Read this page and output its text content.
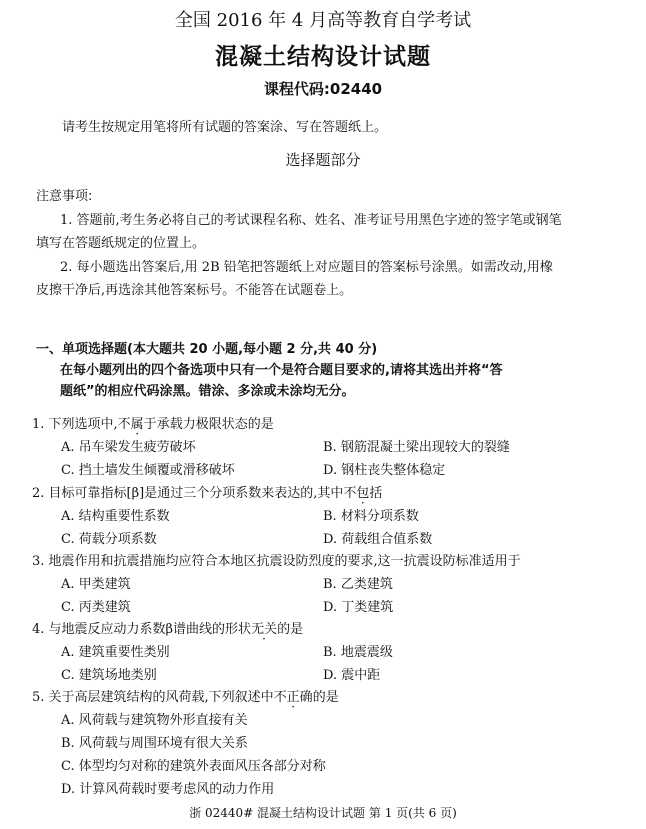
全国 2016 年 4 月高等教育自学考试
混凝土结构设计试题
课程代码:02440
请考生按规定用笔将所有试题的答案涂、写在答题纸上。
选择题部分
注意事项:
1. 答题前,考生务必将自己的考试课程名称、姓名、准考证号用黑色字迹的签字笔或钢笔
填写在答题纸规定的位置上。
2. 每小题选出答案后,用 2B 铅笔把答题纸上对应题目的答案标号涂黑。如需改动,用橡
皮擦干净后,再选涂其他答案标号。不能答在试题卷上。
一、单项选择题(本大题共 20 小题,每小题 2 分,共 40 分)
在每小题列出的四个备选项中只有一个是符合题目要求的,请将其选出并将“答
题纸”的相应代码涂黑。错涂、多涂或未涂均无分。
1. 下列选项中,不属于承载力极限状态的是
A. 吊车梁发生疲劳破坏	B. 钢筋混凝土梁出现较大的裂缝
C. 挡土墙发生倾覆或滑移破坏	D. 钢柱丧失整体稳定
2. 目标可靠指标[β]是通过三个分项系数来表达的,其中不包括
A. 结构重要性系数	B. 材料分项系数
C. 荷载分项系数	D. 荷载组合值系数
3. 地震作用和抗震措施均应符合本地区抗震设防烈度的要求,这一抗震设防标准适用于
A. 甲类建筑	B. 乙类建筑
C. 丙类建筑	D. 丁类建筑
4. 与地震反应动力系数β谱曲线的形状无关的是
A. 建筑重要性类别	B. 地震震级
C. 建筑场地类别	D. 震中距
5. 关于高层建筑结构的风荷载,下列叙述中不正确的是
A. 风荷载与建筑物外形直接有关
B. 风荷载与周围环境有很大关系
C. 体型均匀对称的建筑外表面风压各部分对称
D. 计算风荷载时要考虑风的动力作用
浙 02440# 混凝土结构设计试题 第 1 页(共 6 页)
